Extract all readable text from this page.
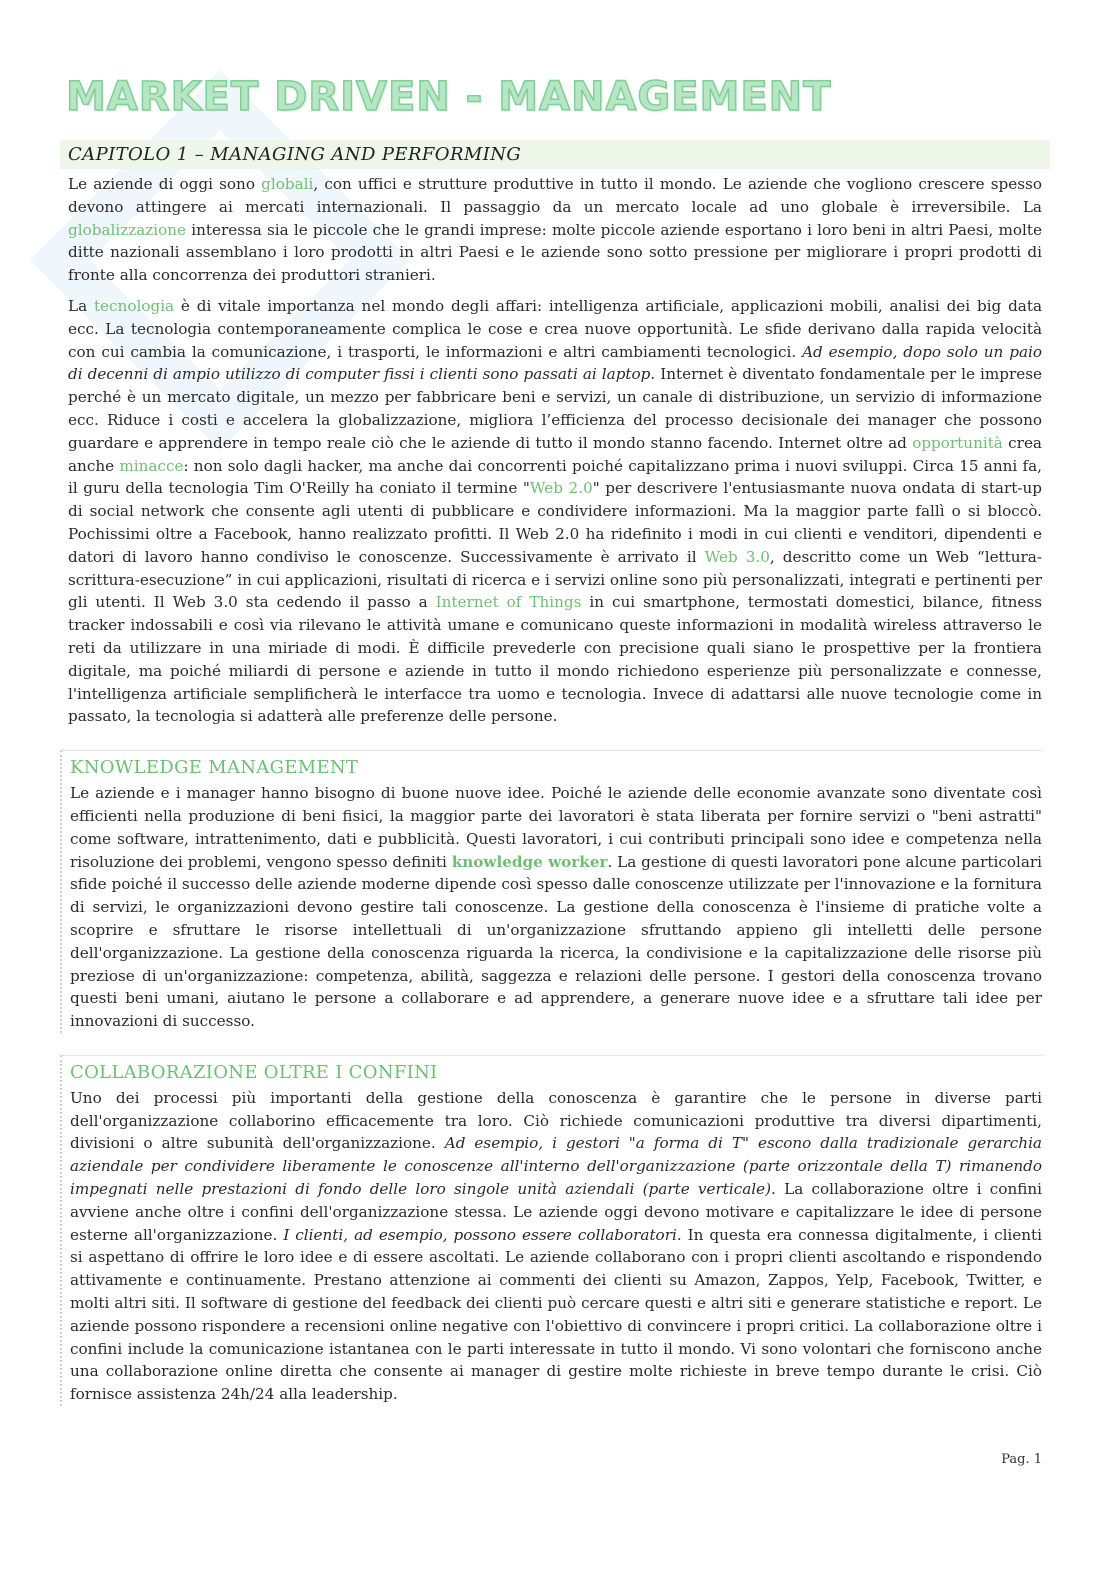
MARKET DRIVEN - MANAGEMENT
CAPITOLO 1 – MANAGING AND PERFORMING

Le aziende di oggi sono globali, con uffici e strutture produttive in tutto il mondo. Le aziende che vogliono crescere spesso devono attingere ai mercati internazionali. Il passaggio da un mercato locale ad uno globale è irreversibile. La globalizzazione interessa sia le piccole che le grandi imprese: molte piccole aziende esportano i loro beni in altri Paesi, molte ditte nazionali assemblano i loro prodotti in altri Paesi e le aziende sono sotto pressione per migliorare i propri prodotti di fronte alla concorrenza dei produttori stranieri.

La tecnologia è di vitale importanza nel mondo degli affari: intelligenza artificiale, applicazioni mobili, analisi dei big data ecc. La tecnologia contemporaneamente complica le cose e crea nuove opportunità. Le sfide derivano dalla rapida velocità con cui cambia la comunicazione, i trasporti, le informazioni e altri cambiamenti tecnologici. Ad esempio, dopo solo un paio di decenni di ampio utilizzo di computer fissi i clienti sono passati ai laptop. Internet è diventato fondamentale per le imprese perché è un mercato digitale, un mezzo per fabbricare beni e servizi, un canale di distribuzione, un servizio di informazione ecc. Riduce i costi e accelera la globalizzazione, migliora l’efficienza del processo decisionale dei manager che possono guardare e apprendere in tempo reale ciò che le aziende di tutto il mondo stanno facendo. Internet oltre ad opportunità crea anche minacce: non solo dagli hacker, ma anche dai concorrenti poiché capitalizzano prima i nuovi sviluppi. Circa 15 anni fa, il guru della tecnologia Tim O'Reilly ha coniato il termine "Web 2.0" per descrivere l'entusiasmante nuova ondata di start-up di social network che consente agli utenti di pubblicare e condividere informazioni. Ma la maggior parte fallì o si bloccò. Pochissimi oltre a Facebook, hanno realizzato profitti. Il Web 2.0 ha ridefinito i modi in cui clienti e venditori, dipendenti e datori di lavoro hanno condiviso le conoscenze. Successivamente è arrivato il Web 3.0, descritto come un Web “lettura-scrittura-esecuzione” in cui applicazioni, risultati di ricerca e i servizi online sono più personalizzati, integrati e pertinenti per gli utenti. Il Web 3.0 sta cedendo il passo a Internet of Things in cui smartphone, termostati domestici, bilance, fitness tracker indossabili e così via rilevano le attività umane e comunicano queste informazioni in modalità wireless attraverso le reti da utilizzare in una miriade di modi. È difficile prevederle con precisione quali siano le prospettive per la frontiera digitale, ma poiché miliardi di persone e aziende in tutto il mondo richiedono esperienze più personalizzate e connesse, l'intelligenza artificiale semplificherà le interfacce tra uomo e tecnologia. Invece di adattarsi alle nuove tecnologie come in passato, la tecnologia si adatterà alle preferenze delle persone.

KNOWLEDGE MANAGEMENT

Le aziende e i manager hanno bisogno di buone nuove idee. Poiché le aziende delle economie avanzate sono diventate così efficienti nella produzione di beni fisici, la maggior parte dei lavoratori è stata liberata per fornire servizi o "beni astratti" come software, intrattenimento, dati e pubblicità. Questi lavoratori, i cui contributi principali sono idee e competenza nella risoluzione dei problemi, vengono spesso definiti knowledge worker. La gestione di questi lavoratori pone alcune particolari sfide poiché il successo delle aziende moderne dipende così spesso dalle conoscenze utilizzate per l'innovazione e la fornitura di servizi, le organizzazioni devono gestire tali conoscenze. La gestione della conoscenza è l'insieme di pratiche volte a scoprire e sfruttare le risorse intellettuali di un'organizzazione sfruttando appieno gli intelletti delle persone dell'organizzazione. La gestione della conoscenza riguarda la ricerca, la condivisione e la capitalizzazione delle risorse più preziose di un'organizzazione: competenza, abilità, saggezza e relazioni delle persone. I gestori della conoscenza trovano questi beni umani, aiutano le persone a collaborare e ad apprendere, a generare nuove idee e a sfruttare tali idee per innovazioni di successo.

COLLABORAZIONE OLTRE I CONFINI

Uno dei processi più importanti della gestione della conoscenza è garantire che le persone in diverse parti dell'organizzazione collaborino efficacemente tra loro. Ciò richiede comunicazioni produttive tra diversi dipartimenti, divisioni o altre subunità dell'organizzazione. Ad esempio, i gestori "a forma di T" escono dalla tradizionale gerarchia aziendale per condividere liberamente le conoscenze all'interno dell'organizzazione (parte orizzontale della T) rimanendo impegnati nelle prestazioni di fondo delle loro singole unità aziendali (parte verticale). La collaborazione oltre i confini avviene anche oltre i confini dell'organizzazione stessa. Le aziende oggi devono motivare e capitalizzare le idee di persone esterne all'organizzazione. I clienti, ad esempio, possono essere collaboratori. In questa era connessa digitalmente, i clienti si aspettano di offrire le loro idee e di essere ascoltati. Le aziende collaborano con i propri clienti ascoltando e rispondendo attivamente e continuamente. Prestano attenzione ai commenti dei clienti su Amazon, Zappos, Yelp, Facebook, Twitter, e molti altri siti. Il software di gestione del feedback dei clienti può cercare questi e altri siti e generare statistiche e report. Le aziende possono rispondere a recensioni online negative con l'obiettivo di convincere i propri critici. La collaborazione oltre i confini include la comunicazione istantanea con le parti interessate in tutto il mondo. Vi sono volontari che forniscono anche una collaborazione online diretta che consente ai manager di gestire molte richieste in breve tempo durante le crisi. Ciò fornisce assistenza 24h/24 alla leadership.

Pag. 1
